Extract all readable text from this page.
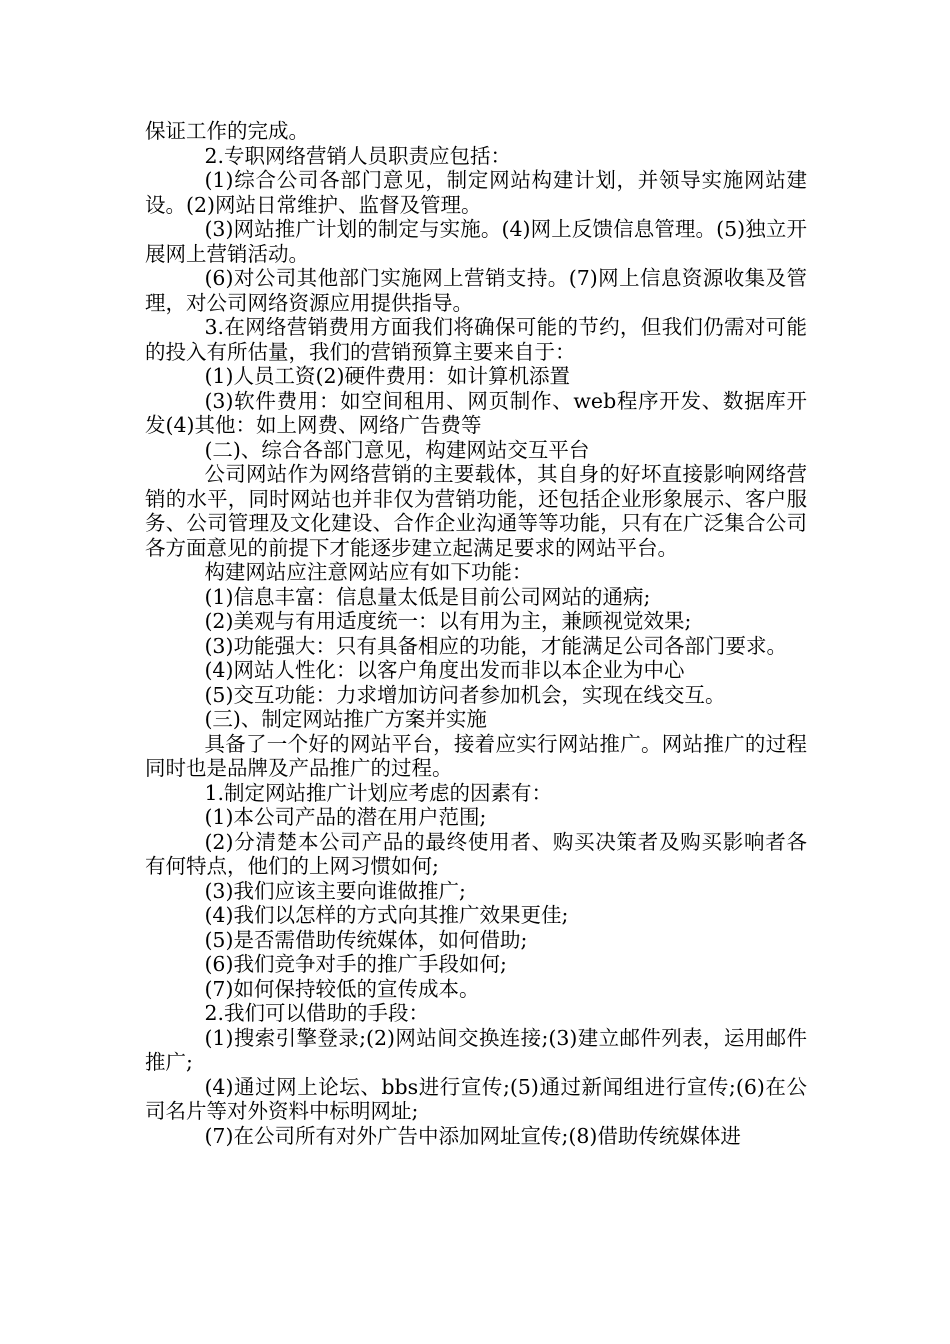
保证工作的完成。

2.专职网络营销人员职责应包括：

(1)综合公司各部门意见，制定网站构建计划，并领导实施网站建设。(2)网站日常维护、监督及管理。

(3)网站推广计划的制定与实施。(4)网上反馈信息管理。(5)独立开展网上营销活动。

(6)对公司其他部门实施网上营销支持。(7)网上信息资源收集及管理，对公司网络资源应用提供指导。

3.在网络营销费用方面我们将确保可能的节约，但我们仍需对可能的投入有所估量，我们的营销预算主要来自于：

(1)人员工资(2)硬件费用：如计算机添置

(3)软件费用：如空间租用、网页制作、web程序开发、数据库开发(4)其他：如上网费、网络广告费等

(二)、综合各部门意见，构建网站交互平台

公司网站作为网络营销的主要载体，其自身的好坏直接影响网络营销的水平，同时网站也并非仅为营销功能，还包括企业形象展示、客户服务、公司管理及文化建设、合作企业沟通等等功能，只有在广泛集合公司各方面意见的前提下才能逐步建立起满足要求的网站平台。

构建网站应注意网站应有如下功能：

(1)信息丰富：信息量太低是目前公司网站的通病;

(2)美观与有用适度统一：以有用为主，兼顾视觉效果;

(3)功能强大：只有具备相应的功能，才能满足公司各部门要求。

(4)网站人性化：以客户角度出发而非以本企业为中心

(5)交互功能：力求增加访问者参加机会，实现在线交互。

(三)、制定网站推广方案并实施

具备了一个好的网站平台，接着应实行网站推广。网站推广的过程同时也是品牌及产品推广的过程。

1.制定网站推广计划应考虑的因素有：

(1)本公司产品的潜在用户范围;

(2)分清楚本公司产品的最终使用者、购买决策者及购买影响者各有何特点，他们的上网习惯如何;

(3)我们应该主要向谁做推广;

(4)我们以怎样的方式向其推广效果更佳;

(5)是否需借助传统媒体，如何借助;

(6)我们竞争对手的推广手段如何;

(7)如何保持较低的宣传成本。

2.我们可以借助的手段：

(1)搜索引擎登录;(2)网站间交换连接;(3)建立邮件列表，运用邮件推广;

(4)通过网上论坛、bbs进行宣传;(5)通过新闻组进行宣传;(6)在公司名片等对外资料中标明网址;

(7)在公司所有对外广告中添加网址宣传;(8)借助传统媒体进
